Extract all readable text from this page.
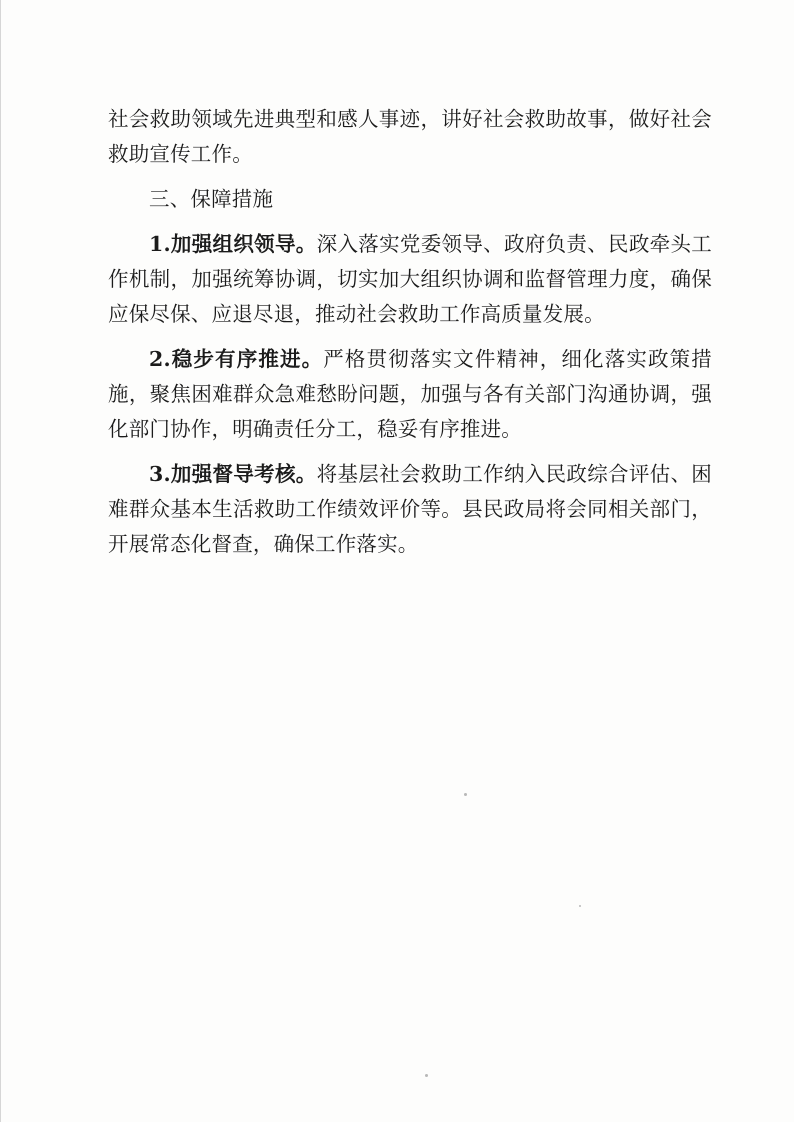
社会救助领域先进典型和感人事迹，讲好社会救助故事，做好社会救助宣传工作。

三、保障措施

1.加强组织领导。深入落实党委领导、政府负责、民政牵头工作机制，加强统筹协调，切实加大组织协调和监督管理力度，确保应保尽保、应退尽退，推动社会救助工作高质量发展。

2.稳步有序推进。严格贯彻落实文件精神，细化落实政策措施，聚焦困难群众急难愁盼问题，加强与各有关部门沟通协调，强化部门协作，明确责任分工，稳妥有序推进。

3.加强督导考核。将基层社会救助工作纳入民政综合评估、困难群众基本生活救助工作绩效评价等。县民政局将会同相关部门，开展常态化督查，确保工作落实。
